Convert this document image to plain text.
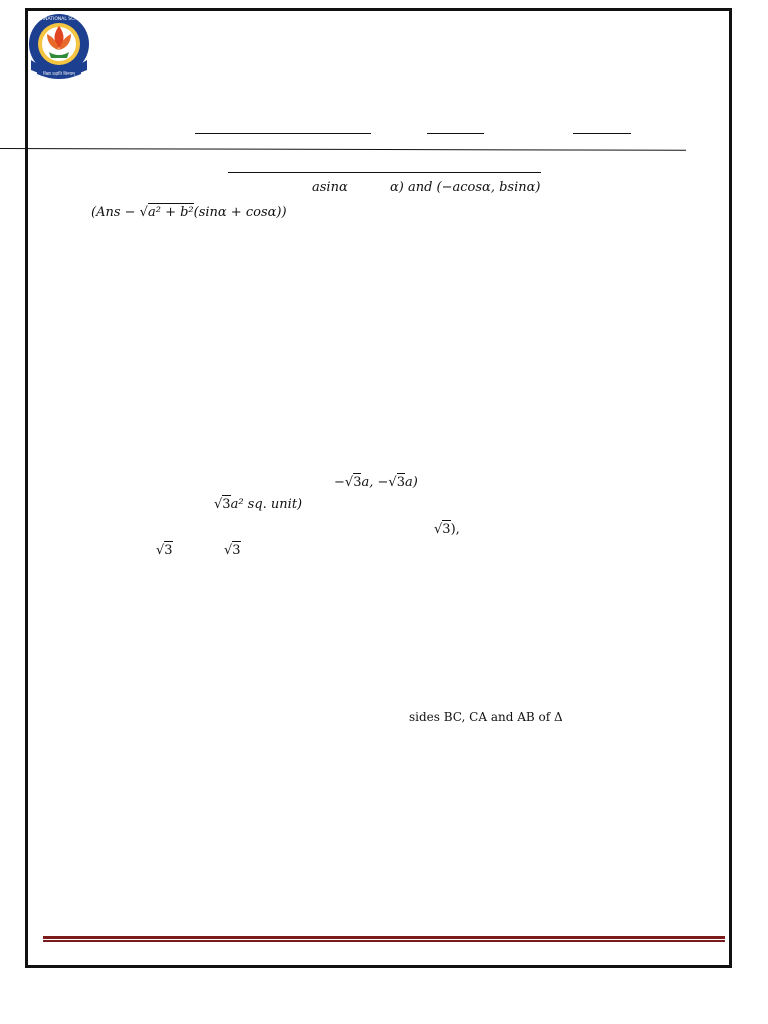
विद्या ददाति विनयम्
INTERNATIONAL SCHOOL
asinα	α) and (−acosα, bsinα)
(Ans − √a² + b²(sinα + cosα))
−√3a, −√3a)
√3a² sq. unit)
√3),
√3	√3
sides BC, CA and AB of Δ
